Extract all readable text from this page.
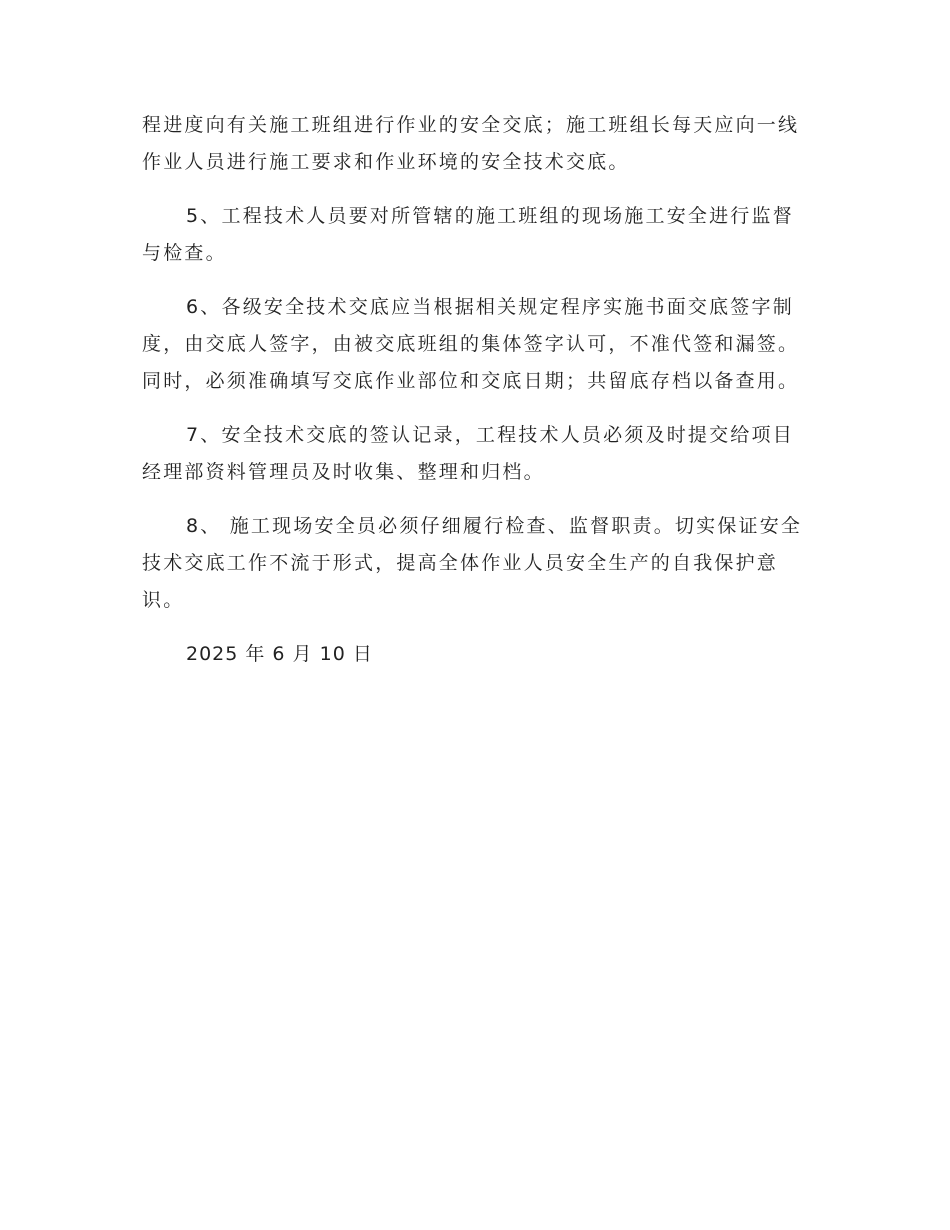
程进度向有关施工班组进行作业的安全交底；施工班组长每天应向一线作业人员进行施工要求和作业环境的安全技术交底。

5、工程技术人员要对所管辖的施工班组的现场施工安全进行监督与检查。

6、各级安全技术交底应当根据相关规定程序实施书面交底签字制度，由交底人签字，由被交底班组的集体签字认可，不准代签和漏签。同时，必须准确填写交底作业部位和交底日期；共留底存档以备查用。

7、安全技术交底的签认记录，工程技术人员必须及时提交给项目经理部资料管理员及时收集、整理和归档。

8、 施工现场安全员必须仔细履行检查、监督职责。切实保证安全技术交底工作不流于形式，提高全体作业人员安全生产的自我保护意识。

2025 年 6 月 10 日
